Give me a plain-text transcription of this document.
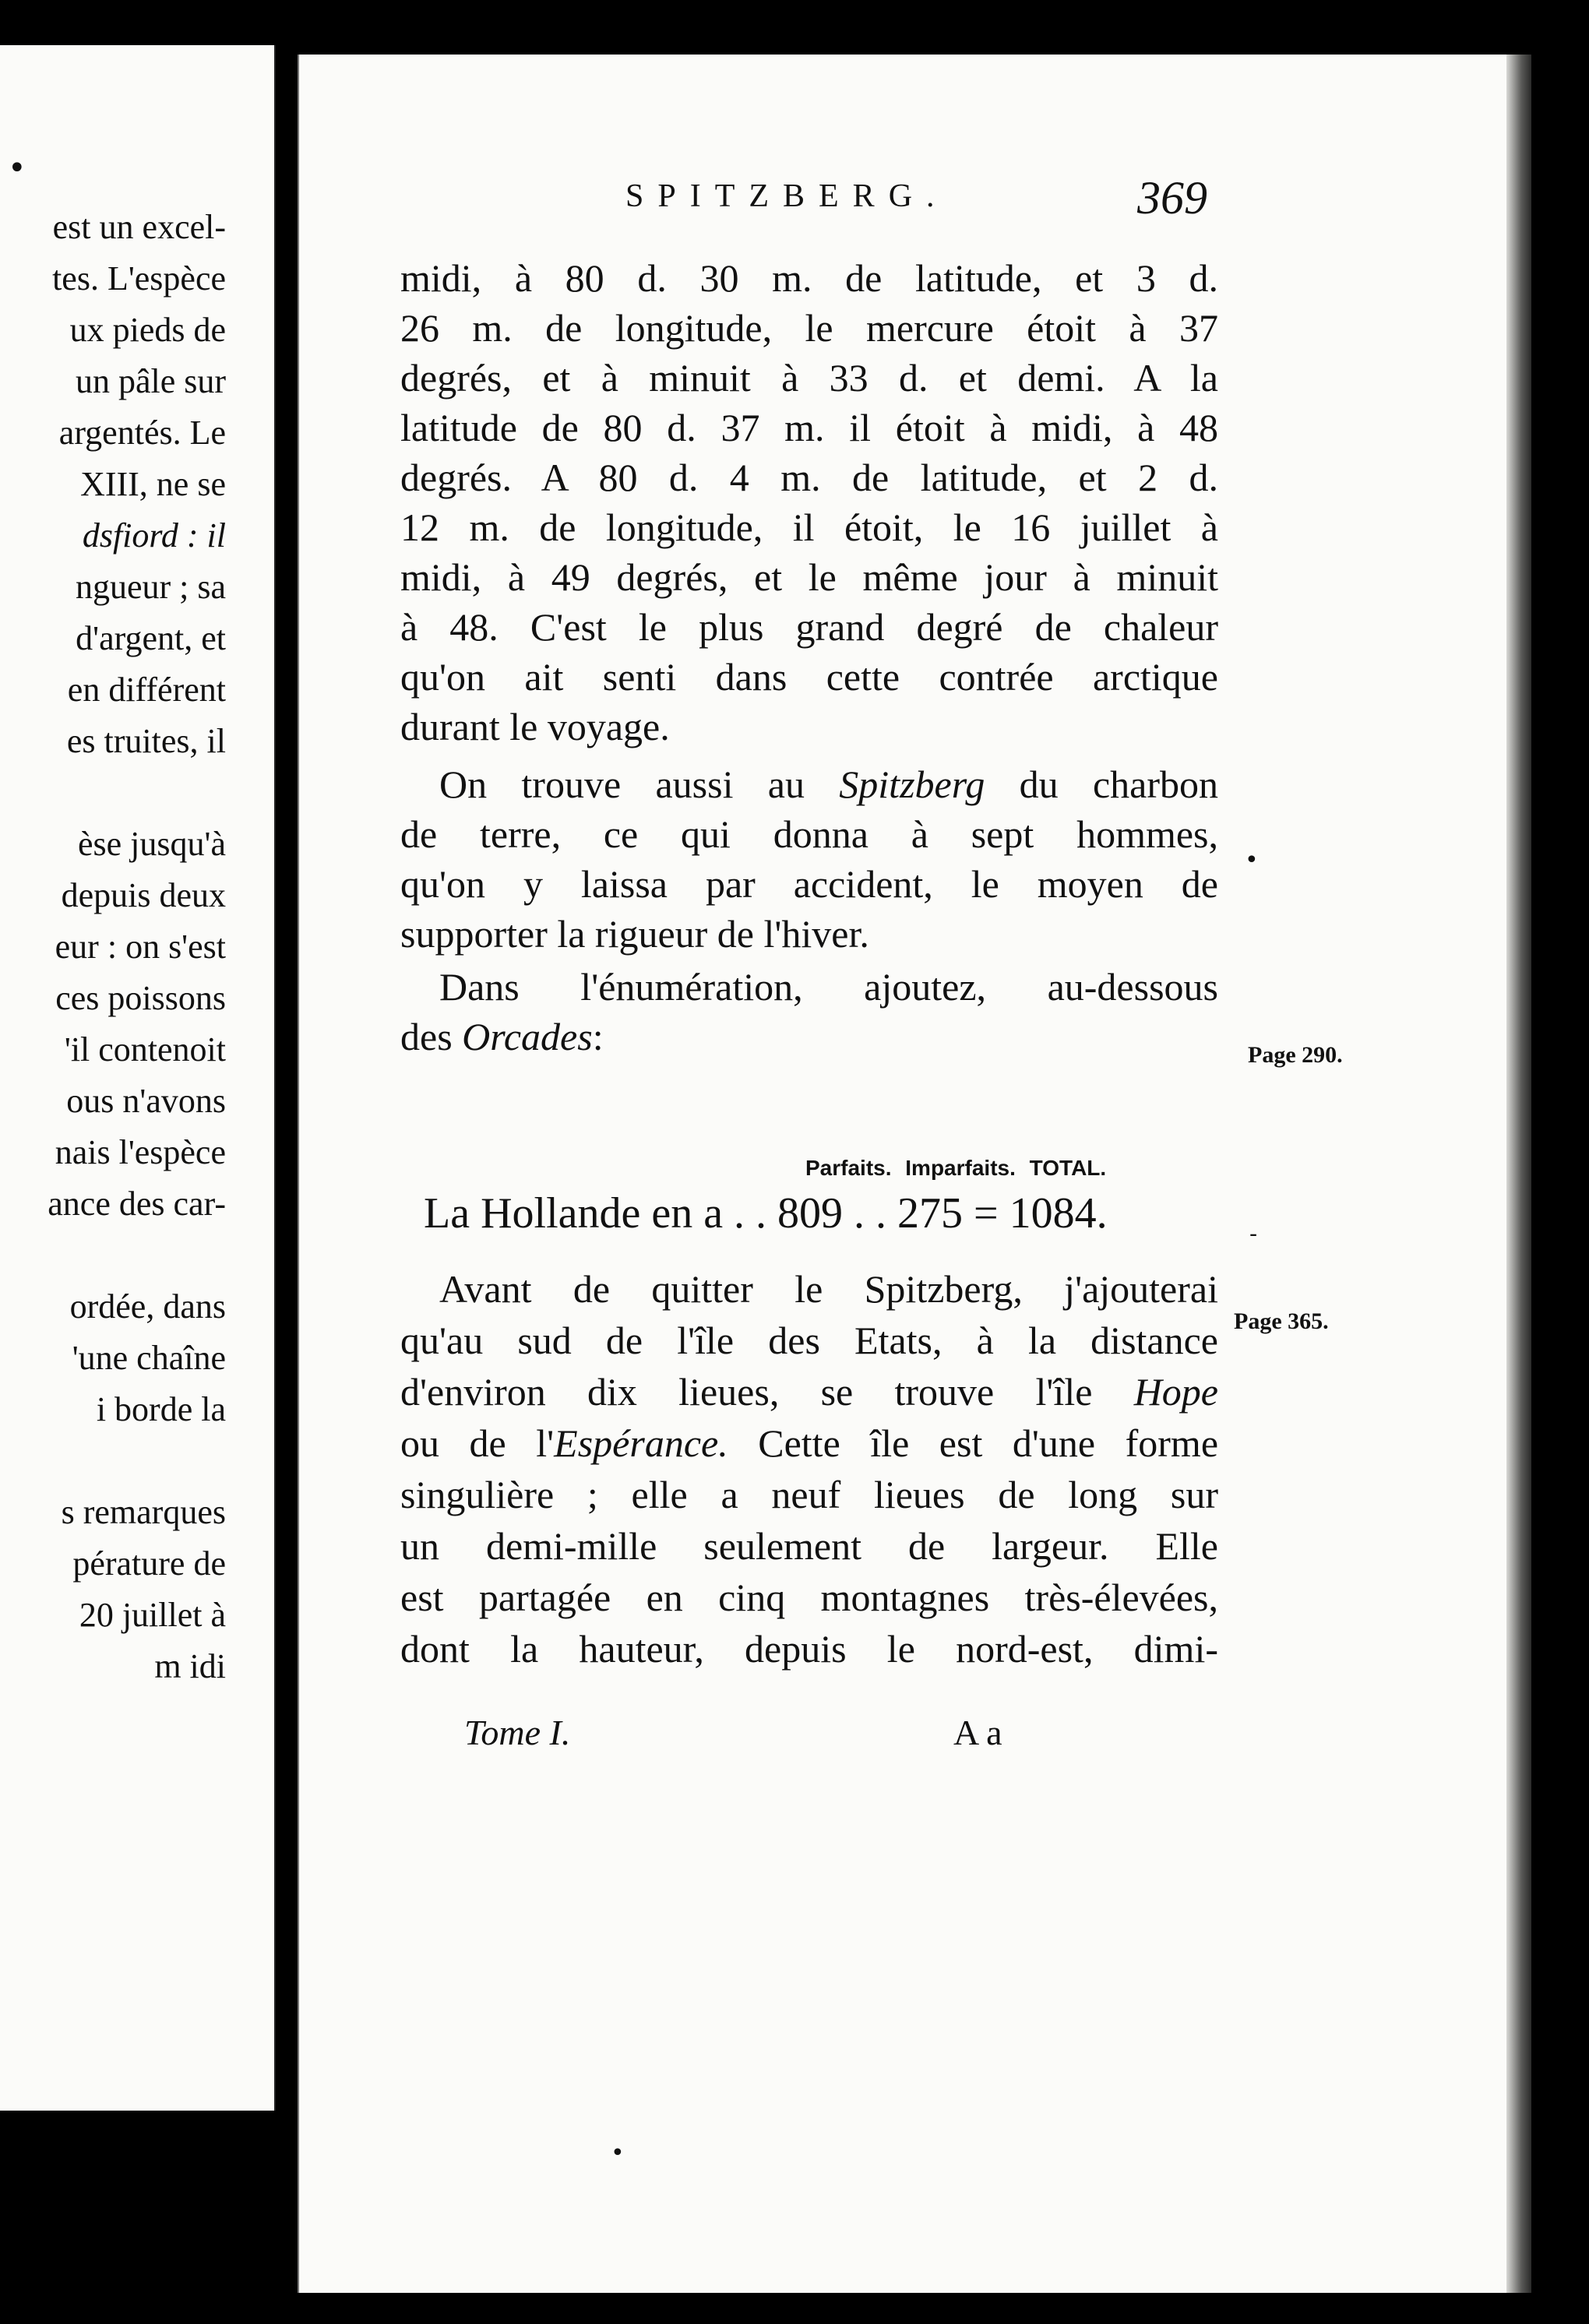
•
est un excel-
tes. L'espèce
ux pieds de
un pâle sur
argentés. Le
XIII, ne se
dsfiord : il
ngueur ; sa
d'argent, et
en différent
es truites, il
èse jusqu'à
depuis deux
eur : on s'est
ces poissons
'il contenoit
ous n'avons
nais l'espèce
ance des car-
ordée, dans
'une chaîne
i borde la
s remarques
pérature de
20 juillet à
m idi
SPITZBERG.	369
midi, à 80 d. 30 m. de latitude, et 3 d.
26 m. de longitude, le mercure étoit à 37
degrés, et à minuit à 33 d. et demi. A la
latitude de 80 d. 37 m. il étoit à midi, à 48
degrés. A 80 d. 4 m. de latitude, et 2 d.
12 m. de longitude, il étoit, le 16 juillet à
midi, à 49 degrés, et le même jour à minuit
à 48. C'est le plus grand degré de chaleur
qu'on ait senti dans cette contrée arctique
durant le voyage.
On trouve aussi au Spitzberg du charbon
de terre, ce qui donna à sept hommes,
qu'on y laissa par accident, le moyen de
supporter la rigueur de l'hiver.
Dans l'énumération, ajoutez, au-dessous
des Orcades:
Parfaits. Imparfaits. TOTAL.
La Hollande en a . . 809 . . 275 = 1084.
Avant de quitter le Spitzberg, j'ajouterai
qu'au sud de l'île des Etats, à la distance
d'environ dix lieues, se trouve l'île Hope
ou de l'Espérance. Cette île est d'une forme
singulière ; elle a neuf lieues de long sur
un demi-mille seulement de largeur. Elle
est partagée en cinq montagnes très-élevées,
dont la hauteur, depuis le nord-est, dimi-
Tome I.	A a
Page 290.
Page 365.
•
-
•
